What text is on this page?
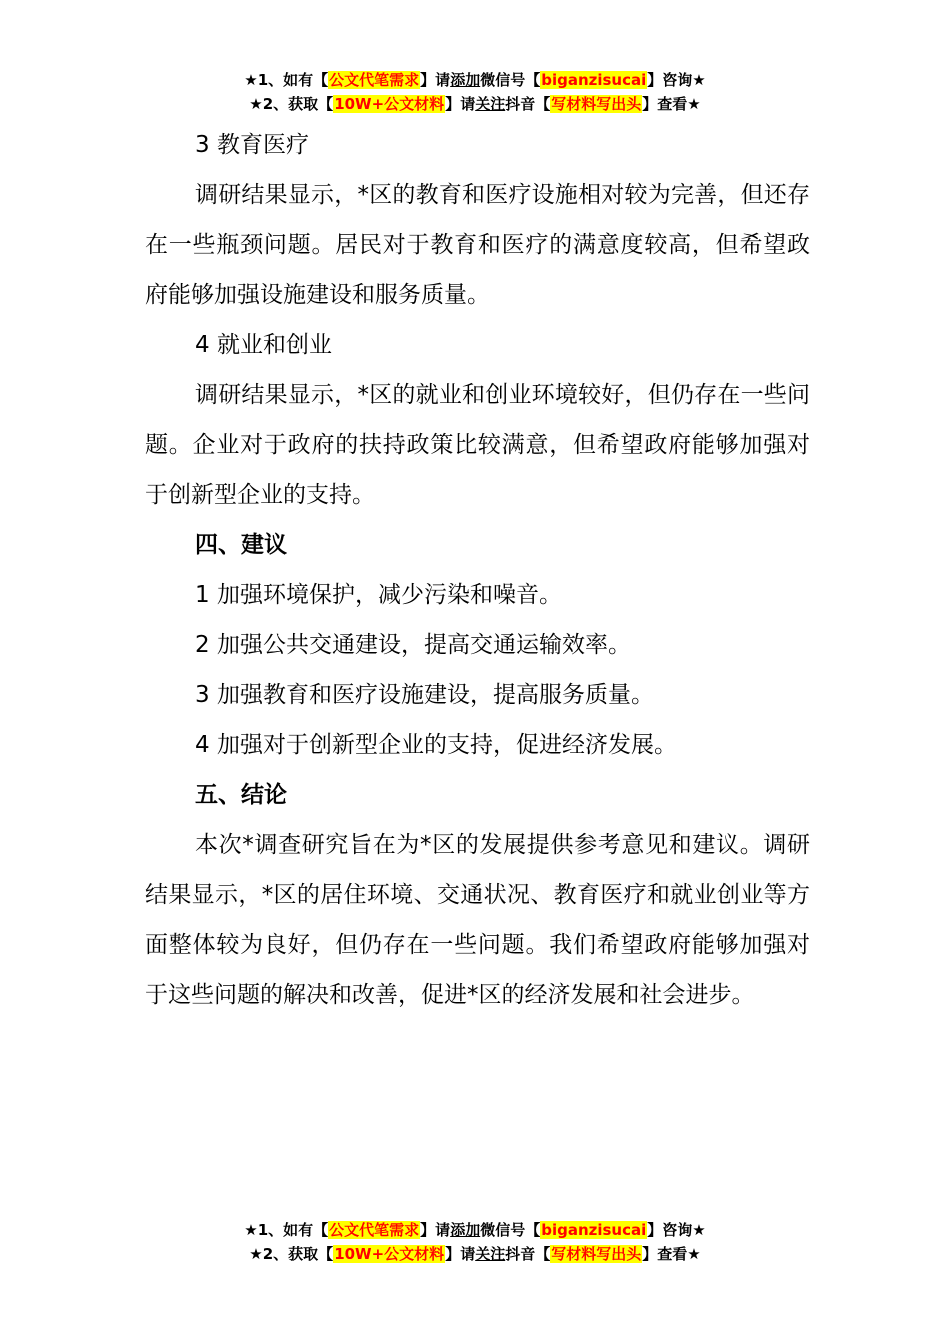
★1、如有【公文代笔需求】请添加微信号【biganzisucai】咨询★
★2、获取【10W+公文材料】请关注抖音【写材料写出头】查看★

3 教育医疗

调研结果显示，*区的教育和医疗设施相对较为完善，但还存在一些瓶颈问题。居民对于教育和医疗的满意度较高，但希望政府能够加强设施建设和服务质量。

4 就业和创业

调研结果显示，*区的就业和创业环境较好，但仍存在一些问题。企业对于政府的扶持政策比较满意，但希望政府能够加强对于创新型企业的支持。

四、建议

1 加强环境保护，减少污染和噪音。

2 加强公共交通建设，提高交通运输效率。

3 加强教育和医疗设施建设，提高服务质量。

4 加强对于创新型企业的支持，促进经济发展。

五、结论

本次*调查研究旨在为*区的发展提供参考意见和建议。调研结果显示，*区的居住环境、交通状况、教育医疗和就业创业等方面整体较为良好，但仍存在一些问题。我们希望政府能够加强对于这些问题的解决和改善，促进*区的经济发展和社会进步。

★1、如有【公文代笔需求】请添加微信号【biganzisucai】咨询★
★2、获取【10W+公文材料】请关注抖音【写材料写出头】查看★
